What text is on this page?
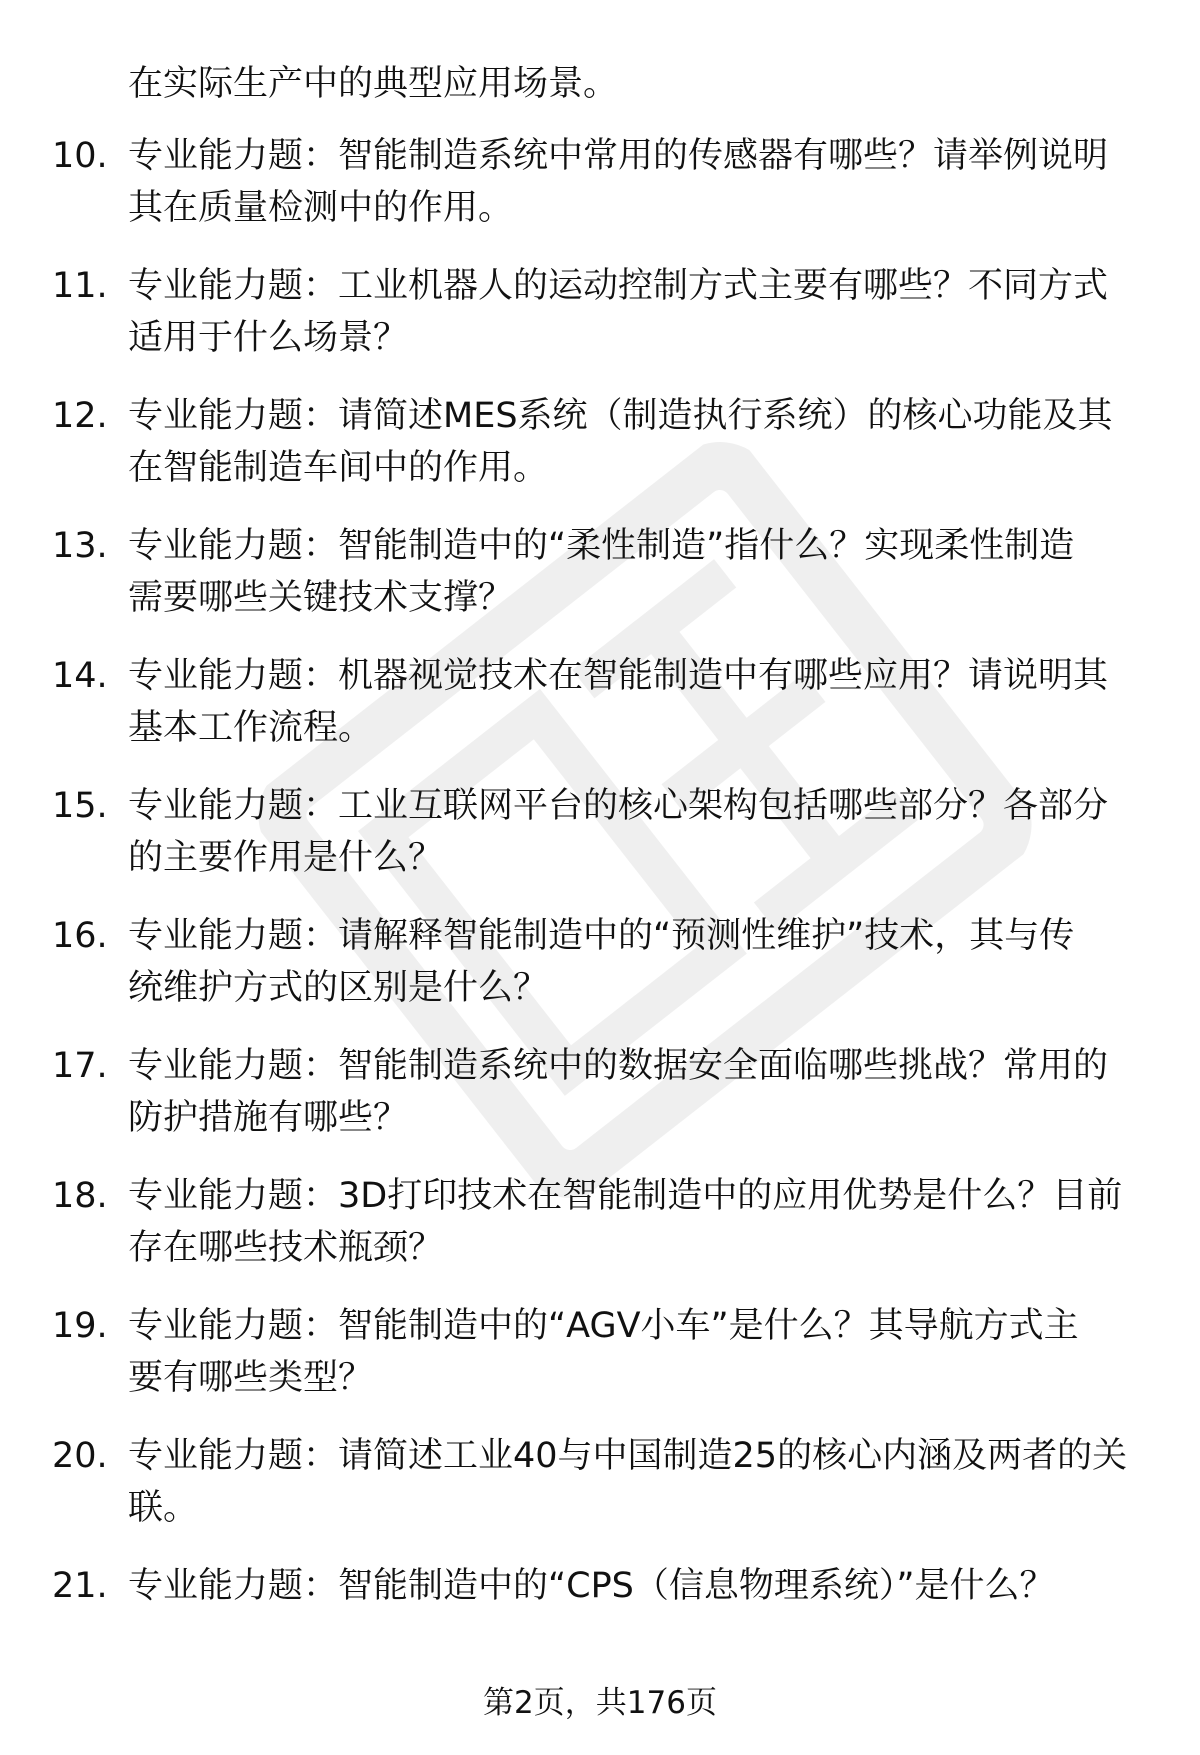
在实际生产中的典型应用场景。
10. 专业能力题：智能制造系统中常用的传感器有哪些？请举例说明
其在质量检测中的作用。
11. 专业能力题：工业机器人的运动控制方式主要有哪些？不同方式
适用于什么场景？
12. 专业能力题：请简述MES系统（制造执行系统）的核心功能及其
在智能制造车间中的作用。
13. 专业能力题：智能制造中的“柔性制造”指什么？实现柔性制造
需要哪些关键技术支撑？
14. 专业能力题：机器视觉技术在智能制造中有哪些应用？请说明其
基本工作流程。
15. 专业能力题：工业互联网平台的核心架构包括哪些部分？各部分
的主要作用是什么？
16. 专业能力题：请解释智能制造中的“预测性维护”技术，其与传
统维护方式的区别是什么？
17. 专业能力题：智能制造系统中的数据安全面临哪些挑战？常用的
防护措施有哪些？
18. 专业能力题：3D打印技术在智能制造中的应用优势是什么？目前
存在哪些技术瓶颈？
19. 专业能力题：智能制造中的“AGV小车”是什么？其导航方式主
要有哪些类型？
20. 专业能力题：请简述工业40与中国制造25的核心内涵及两者的关
联。
21. 专业能力题：智能制造中的“CPS（信息物理系统）”是什么？
第2页，共176页
